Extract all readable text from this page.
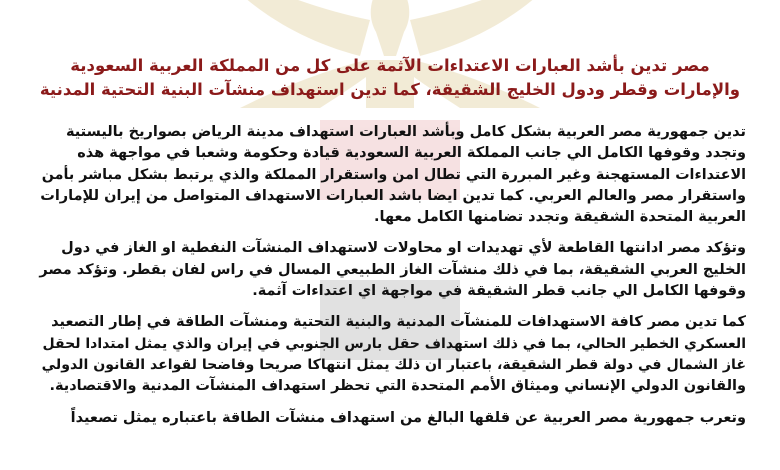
مصر تدين بأشد العبارات الاعتداءات الآثمة على كل من المملكة العربية السعودية
والإمارات وقطر ودول الخليج الشقيقة، كما تدين استهداف منشآت البنية التحتية المدنية

تدين جمهورية مصر العربية بشكل كامل وبأشد العبارات استهداف مدينة الرياض بصواريخ باليستية
وتجدد وقوفها الكامل الي جانب المملكة العربية السعودية قيادة وحكومة وشعبا في مواجهة هذه
الاعتداءات المستهجنة وغير المبررة التي تطال امن واستقرار المملكة والذي يرتبط بشكل مباشر بأمن
واستقرار مصر والعالم العربي. كما تدين ايضا باشد العبارات الاستهداف المتواصل من إيران للإمارات
العربية المتحدة الشقيقة وتجدد تضامنها الكامل معها.

وتؤكد مصر ادانتها القاطعة لأي تهديدات او محاولات لاستهداف المنشآت النفطية او الغاز في دول
الخليج العربي الشقيقة، بما في ذلك منشآت الغاز الطبيعي المسال في راس لفان بقطر. وتؤكد مصر
وقوفها الكامل الي جانب قطر الشقيقة في مواجهة اي اعتداءات آثمة.

كما تدين مصر كافة الاستهدافات للمنشآت المدنية والبنية التحتية ومنشآت الطاقة في إطار التصعيد
العسكري الخطير الحالي، بما في ذلك استهداف حقل بارس الجنوبي في إيران والذي يمثل امتدادا لحقل
غاز الشمال في دولة قطر الشقيقة، باعتبار ان ذلك يمثل انتهاكا صريحا وفاضحا لقواعد القانون الدولي
والقانون الدولي الإنساني وميثاق الأمم المتحدة التي تحظر استهداف المنشآت المدنية والاقتصادية.

وتعرب جمهورية مصر العربية عن قلقها البالغ من استهداف منشآت الطاقة باعتباره يمثل تصعيداً
